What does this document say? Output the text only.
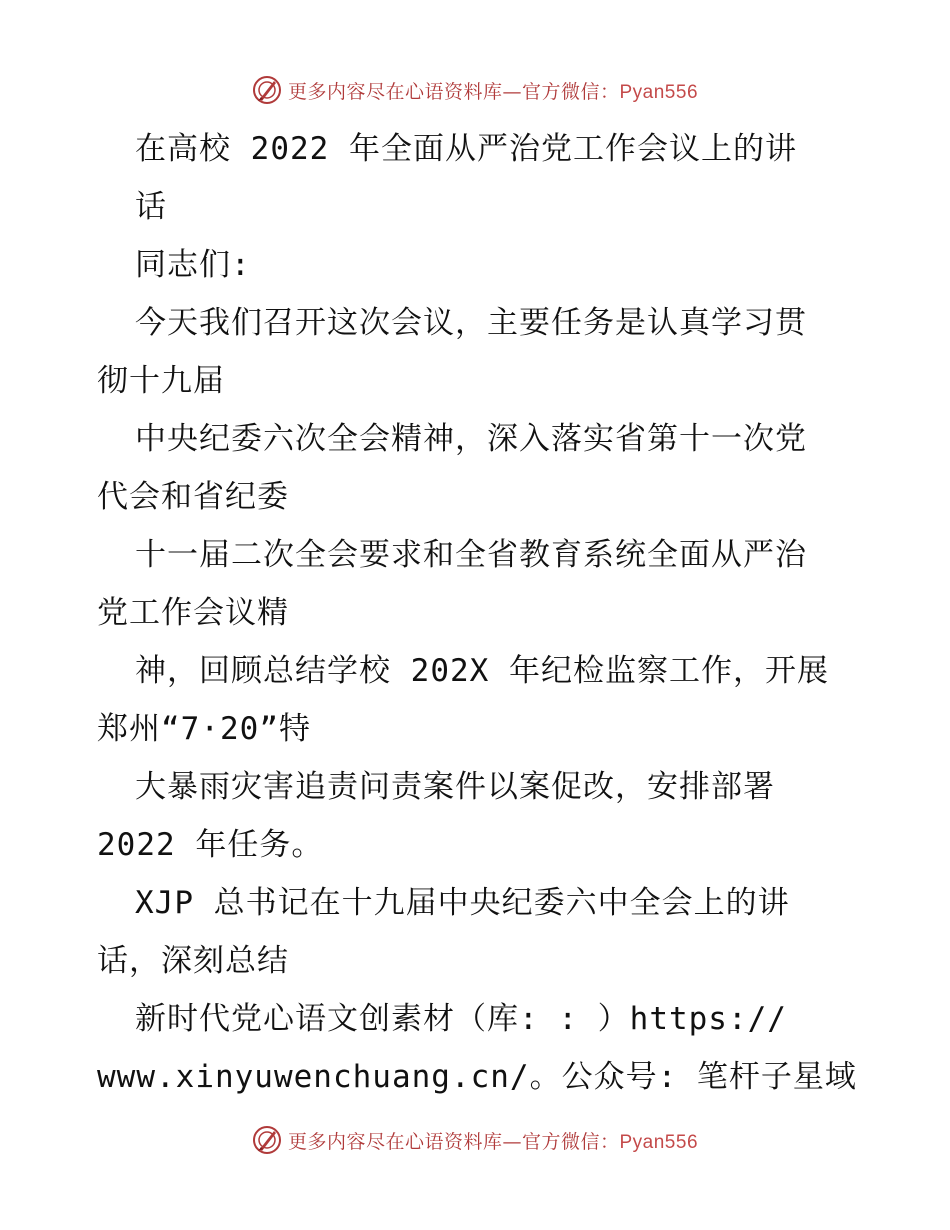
更多内容尽在心语资料库—官方微信：Pyan556
在高校 2022 年全面从严治党工作会议上的讲
话
同志们:
今天我们召开这次会议，主要任务是认真学习贯
彻十九届
中央纪委六次全会精神，深入落实省第十一次党
代会和省纪委
十一届二次全会要求和全省教育系统全面从严治
党工作会议精
神，回顾总结学校 202X 年纪检监察工作，开展
郑州“7·20”特
大暴雨灾害追责问责案件以案促改，安排部署
2022 年任务。
XJP 总书记在十九届中央纪委六中全会上的讲
话，深刻总结
新时代党心语文创素材（库: : ）https://
www.xinyuwenchuang.cn/。公众号: 笔杆子星域
更多内容尽在心语资料库—官方微信：Pyan556
